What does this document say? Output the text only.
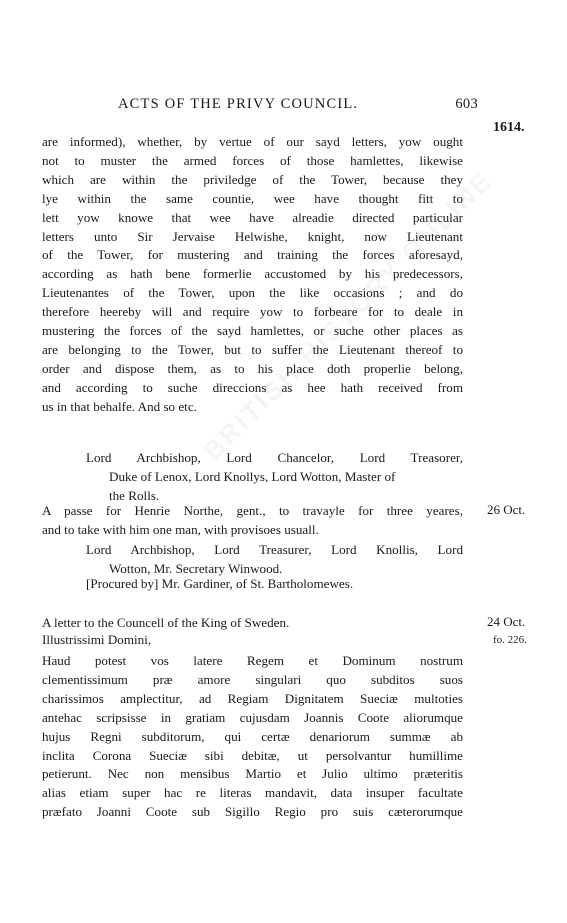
ACTS OF THE PRIVY COUNCIL.	603
1614.
are informed), whether, by vertue of our sayd letters, yow ought
not to muster the armed forces of those hamlettes, likewise
which are within the priviledge of the Tower, because they
lye within the same countie, wee have thought fitt to
lett yow knowe that wee have alreadie directed particular
letters unto Sir Jervaise Helwishe, knight, now Lieutenant
of the Tower, for mustering and training the forces aforesayd,
according as hath bene formerlie accustomed by his predecessors,
Lieutenantes of the Tower, upon the like occasions ; and do
therefore heereby will and require yow to forbeare for to deale in
mustering the forces of the sayd hamlettes, or suche other places as
are belonging to the Tower, but to suffer the Lieutenant thereof to
order and dispose them, as to his place doth properlie belong,
and according to suche direccions as hee hath received from
us in that behalfe. And so etc.
Lord Archbishop, Lord Chancelor, Lord Treasorer,
Duke of Lenox, Lord Knollys, Lord Wotton, Master of
the Rolls.
26 Oct.
A passe for Henrie Northe, gent., to travayle for three yeares,
and to take with him one man, with provisoes usuall.
Lord Archbishop, Lord Treasurer, Lord Knollis, Lord
Wotton, Mr. Secretary Winwood.
[Procured by] Mr. Gardiner, of St. Bartholomewes.
24 Oct.
fo. 226.
A letter to the Councell of the King of Sweden.
Illustrissimi Domini,
Haud potest vos latere Regem et Dominum nostrum
clementissimum præ amore singulari quo subditos suos
charissimos amplectitur, ad Regiam Dignitatem Sueciæ multoties
antehac scripsisse in gratiam cujusdam Joannis Coote aliorumque
hujus Regni subditorum, qui certæ denariorum summæ ab
inclita Corona Sueciæ sibi debitæ, ut persolvantur humillime
petierunt. Nec non mensibus Martio et Julio ultimo præteritis
alias etiam super hac re literas mandavit, data insuper facultate
præfato Joanni Coote sub Sigillo Regio pro suis cæterorumque
